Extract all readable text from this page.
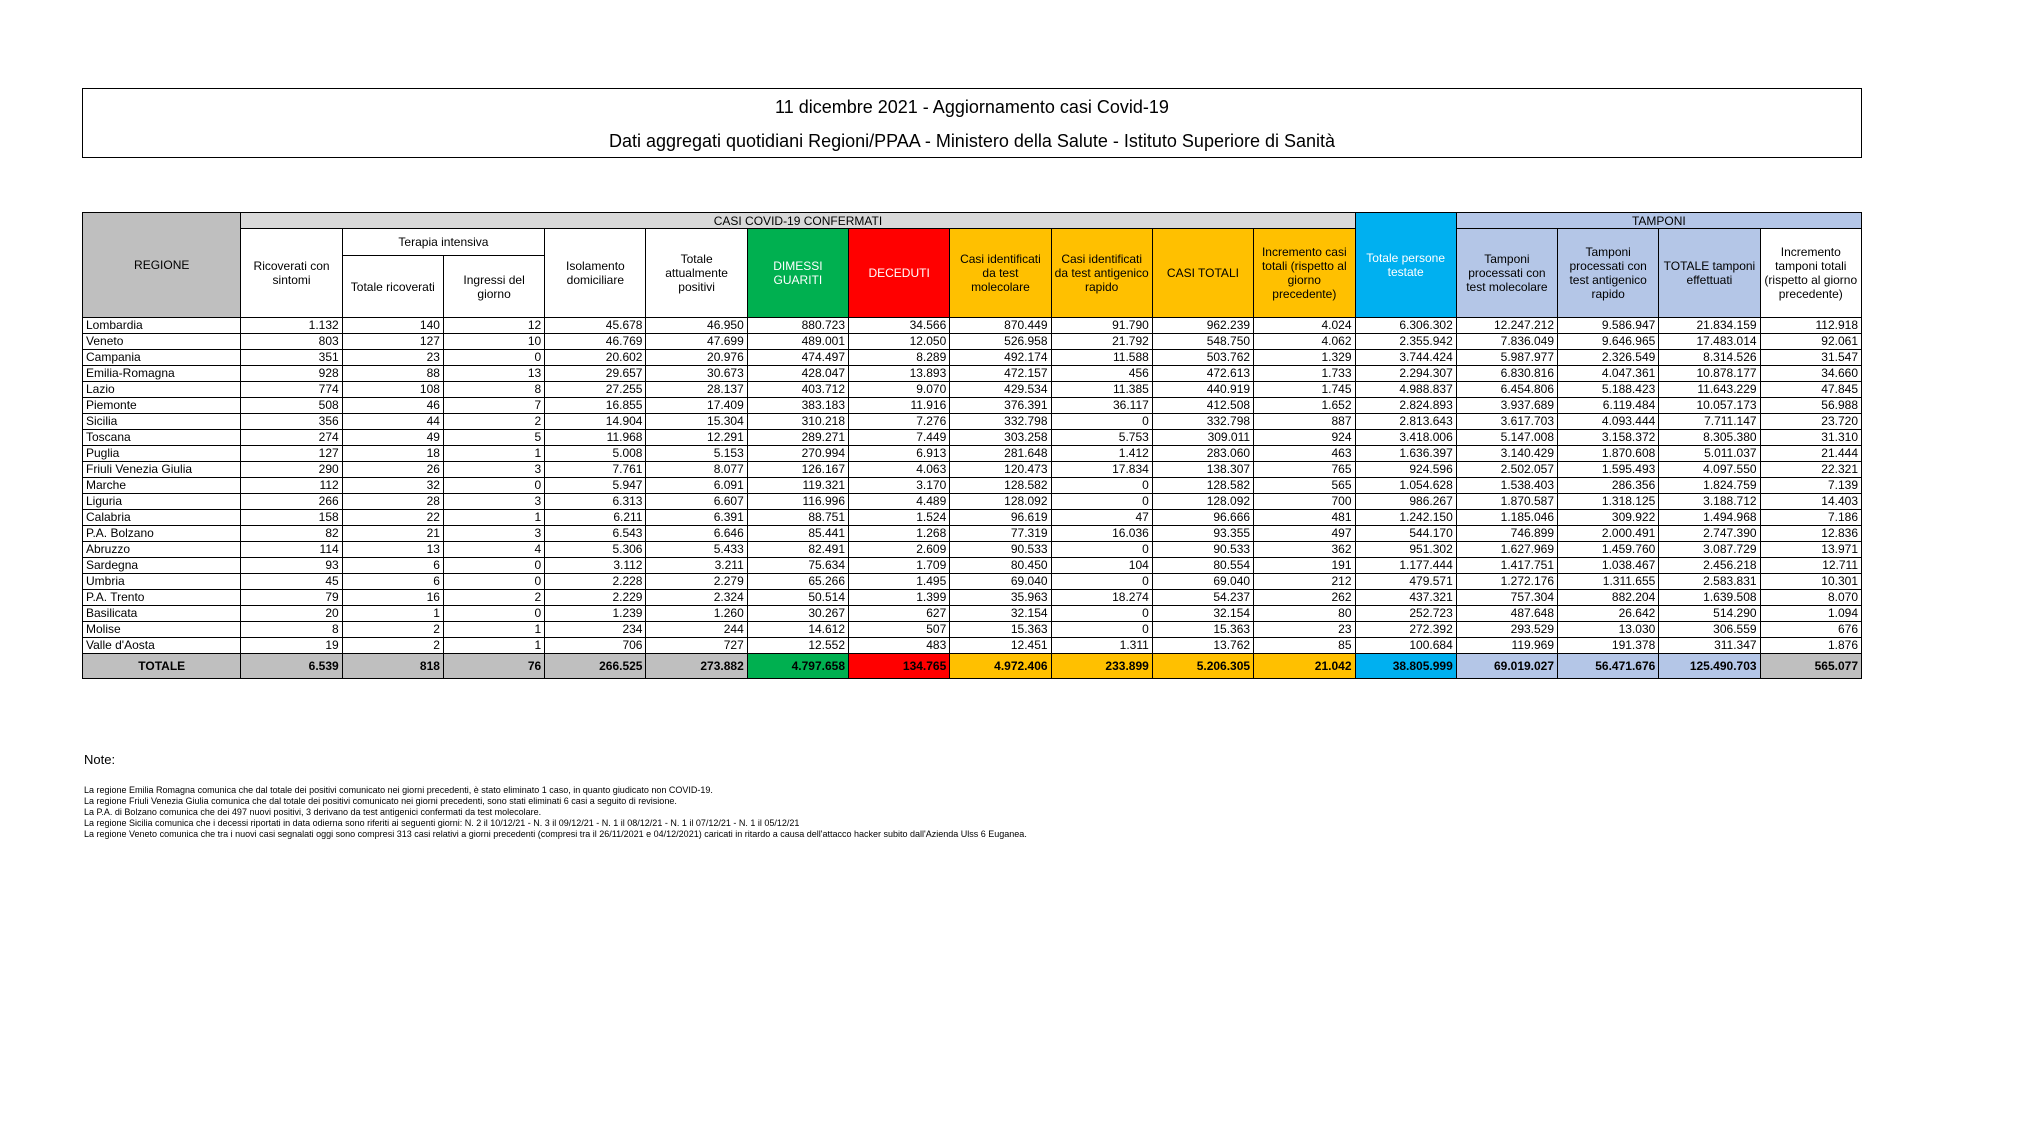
11 dicembre 2021 - Aggiornamento casi Covid-19
Dati aggregati quotidiani Regioni/PPAA - Ministero della Salute - Istituto Superiore di Sanità
REGIONE	CASI COVID-19 CONFERMATI											Totale persone testate	TAMPONI			
	Ricoverati con sintomi	Terapia intensiva		Isolamento domiciliare	Totale attualmente positivi	DIMESSI GUARITI	DECEDUTI	Casi identificati da test molecolare	Casi identificati da test antigenico rapido	CASI TOTALI	Incremento casi totali (rispetto al giorno precedente)		Tamponi processati con test molecolare	Tamponi processati con test antigenico rapido	TOTALE tamponi effettuati	Incremento tamponi totali (rispetto al giorno precedente)
		Totale ricoverati	Ingressi del giorno													
Lombardia	1.132	140	12	45.678	46.950	880.723	34.566	870.449	91.790	962.239	4.024	6.306.302	12.247.212	9.586.947	21.834.159	112.918
Veneto	803	127	10	46.769	47.699	489.001	12.050	526.958	21.792	548.750	4.062	2.355.942	7.836.049	9.646.965	17.483.014	92.061
Campania	351	23	0	20.602	20.976	474.497	8.289	492.174	11.588	503.762	1.329	3.744.424	5.987.977	2.326.549	8.314.526	31.547
Emilia-Romagna	928	88	13	29.657	30.673	428.047	13.893	472.157	456	472.613	1.733	2.294.307	6.830.816	4.047.361	10.878.177	34.660
Lazio	774	108	8	27.255	28.137	403.712	9.070	429.534	11.385	440.919	1.745	4.988.837	6.454.806	5.188.423	11.643.229	47.845
Piemonte	508	46	7	16.855	17.409	383.183	11.916	376.391	36.117	412.508	1.652	2.824.893	3.937.689	6.119.484	10.057.173	56.988
Sicilia	356	44	2	14.904	15.304	310.218	7.276	332.798	0	332.798	887	2.813.643	3.617.703	4.093.444	7.711.147	23.720
Toscana	274	49	5	11.968	12.291	289.271	7.449	303.258	5.753	309.011	924	3.418.006	5.147.008	3.158.372	8.305.380	31.310
Puglia	127	18	1	5.008	5.153	270.994	6.913	281.648	1.412	283.060	463	1.636.397	3.140.429	1.870.608	5.011.037	21.444
Friuli Venezia Giulia	290	26	3	7.761	8.077	126.167	4.063	120.473	17.834	138.307	765	924.596	2.502.057	1.595.493	4.097.550	22.321
Marche	112	32	0	5.947	6.091	119.321	3.170	128.582	0	128.582	565	1.054.628	1.538.403	286.356	1.824.759	7.139
Liguria	266	28	3	6.313	6.607	116.996	4.489	128.092	0	128.092	700	986.267	1.870.587	1.318.125	3.188.712	14.403
Calabria	158	22	1	6.211	6.391	88.751	1.524	96.619	47	96.666	481	1.242.150	1.185.046	309.922	1.494.968	7.186
P.A. Bolzano	82	21	3	6.543	6.646	85.441	1.268	77.319	16.036	93.355	497	544.170	746.899	2.000.491	2.747.390	12.836
Abruzzo	114	13	4	5.306	5.433	82.491	2.609	90.533	0	90.533	362	951.302	1.627.969	1.459.760	3.087.729	13.971
Sardegna	93	6	0	3.112	3.211	75.634	1.709	80.450	104	80.554	191	1.177.444	1.417.751	1.038.467	2.456.218	12.711
Umbria	45	6	0	2.228	2.279	65.266	1.495	69.040	0	69.040	212	479.571	1.272.176	1.311.655	2.583.831	10.301
P.A. Trento	79	16	2	2.229	2.324	50.514	1.399	35.963	18.274	54.237	262	437.321	757.304	882.204	1.639.508	8.070
Basilicata	20	1	0	1.239	1.260	30.267	627	32.154	0	32.154	80	252.723	487.648	26.642	514.290	1.094
Molise	8	2	1	234	244	14.612	507	15.363	0	15.363	23	272.392	293.529	13.030	306.559	676
Valle d'Aosta	19	2	1	706	727	12.552	483	12.451	1.311	13.762	85	100.684	119.969	191.378	311.347	1.876
TOTALE	6.539	818	76	266.525	273.882	4.797.658	134.765	4.972.406	233.899	5.206.305	21.042	38.805.999	69.019.027	56.471.676	125.490.703	565.077
Note:
La regione Emilia Romagna comunica che dal totale dei positivi comunicato nei giorni precedenti, è stato eliminato 1 caso, in quanto giudicato non COVID-19.
La regione Friuli Venezia Giulia comunica che dal totale dei positivi comunicato nei giorni precedenti, sono stati eliminati 6 casi a seguito di revisione.
La P.A. di Bolzano comunica che dei 497 nuovi positivi, 3 derivano da test antigenici confermati da test molecolare.
La regione Sicilia comunica che i decessi riportati in data odierna sono riferiti ai seguenti giorni: N. 2 il 10/12/21 - N. 3 il 09/12/21 - N. 1 il 08/12/21 - N. 1 il 07/12/21 - N. 1 il 05/12/21
La regione Veneto comunica che tra i nuovi casi segnalati oggi sono compresi 313 casi relativi a giorni precedenti (compresi tra il 26/11/2021 e 04/12/2021) caricati in ritardo a causa dell'attacco hacker subito dall'Azienda Ulss 6 Euganea.
